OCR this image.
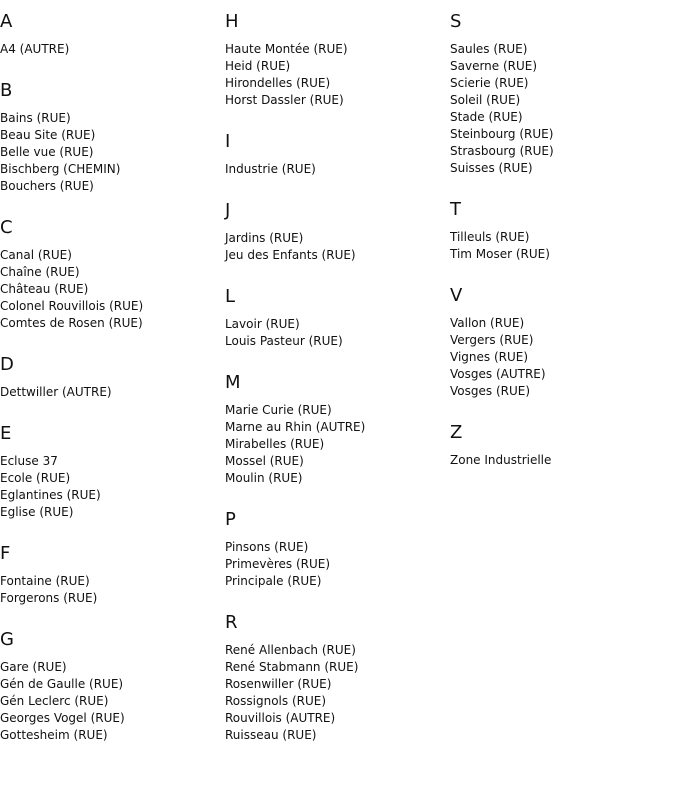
A
A4 (AUTRE)
B
Bains (RUE)
Beau Site (RUE)
Belle vue (RUE)
Bischberg (CHEMIN)
Bouchers (RUE)
C
Canal (RUE)
Chaîne (RUE)
Château (RUE)
Colonel Rouvillois (RUE)
Comtes de Rosen (RUE)
D
Dettwiller (AUTRE)
E
Ecluse 37
Ecole (RUE)
Eglantines (RUE)
Eglise (RUE)
F
Fontaine (RUE)
Forgerons (RUE)
G
Gare (RUE)
Gén de Gaulle (RUE)
Gén Leclerc (RUE)
Georges Vogel (RUE)
Gottesheim (RUE)
H
Haute Montée (RUE)
Heid (RUE)
Hirondelles (RUE)
Horst Dassler (RUE)
I
Industrie (RUE)
J
Jardins (RUE)
Jeu des Enfants (RUE)
L
Lavoir (RUE)
Louis Pasteur (RUE)
M
Marie Curie (RUE)
Marne au Rhin (AUTRE)
Mirabelles (RUE)
Mossel (RUE)
Moulin (RUE)
P
Pinsons (RUE)
Primevères (RUE)
Principale (RUE)
R
René Allenbach (RUE)
René Stabmann (RUE)
Rosenwiller (RUE)
Rossignols (RUE)
Rouvillois (AUTRE)
Ruisseau (RUE)
S
Saules (RUE)
Saverne (RUE)
Scierie (RUE)
Soleil (RUE)
Stade (RUE)
Steinbourg (RUE)
Strasbourg (RUE)
Suisses (RUE)
T
Tilleuls (RUE)
Tim Moser (RUE)
V
Vallon (RUE)
Vergers (RUE)
Vignes (RUE)
Vosges (AUTRE)
Vosges (RUE)
Z
Zone Industrielle
